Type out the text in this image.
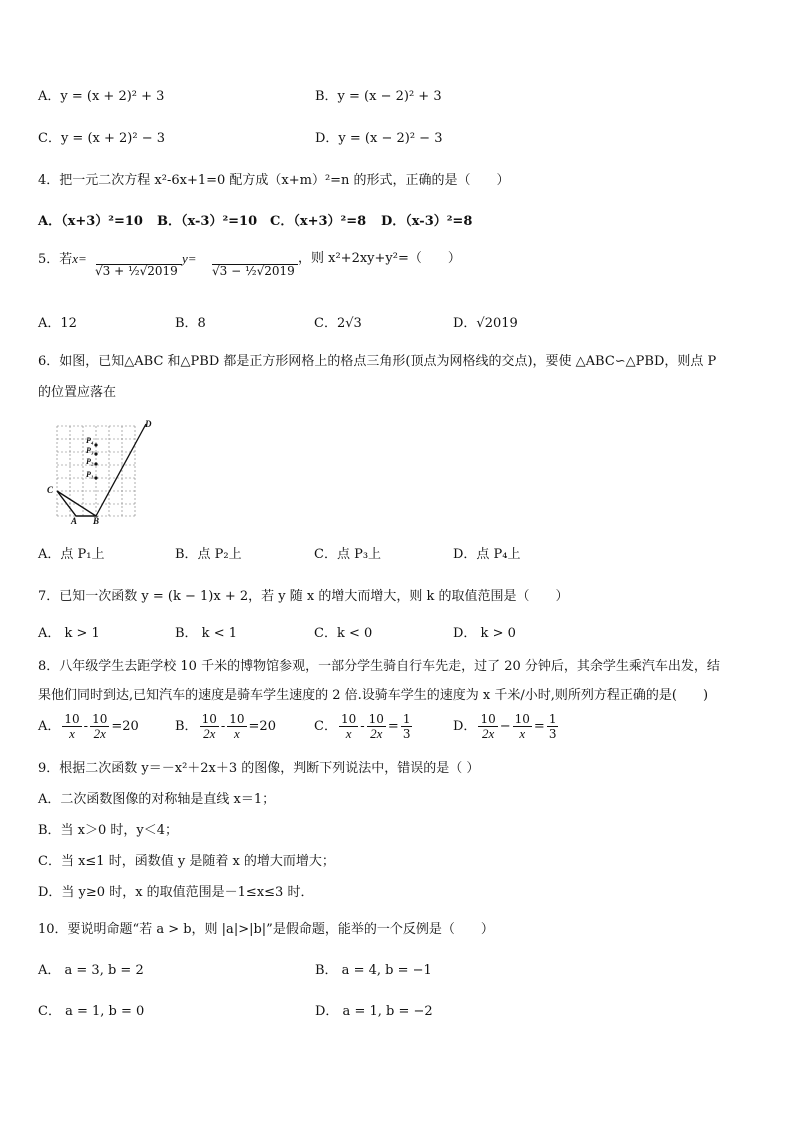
A．y = (x + 2)² + 3	B．y = (x − 2)² + 3
C．y = (x + 2)² − 3	D．y = (x − 2)² − 3
4．把一元二次方程 x²-6x+1=0 配方成（x+m）²=n 的形式，正确的是（　　）
A．（x+3）²=10 B．（x-3）²=10 C．（x+3）²=8 D．（x-3）²=8
5．若x=
√3 + ½√2019
y=
√3 − ½√2019
，则 x²+2xy+y²=（　　）
A．12	B．8	C．2√3	D．√2019
6．如图，已知△ABC 和△PBD 都是正方形网格上的格点三角形(顶点为网格线的交点)，要使 △ABC∽△PBD，则点 P
的位置应落在
C
A B
D
P₄
P₃
P₂
P₁
A．点 P₁上	B．点 P₂上	C．点 P₃上	D．点 P₄上
7．已知一次函数 y = (k − 1)x + 2，若 y 随 x 的增大而增大，则 k 的取值范围是（　　）
A． k > 1	B． k < 1	C．k < 0	D． k > 0
8．八年级学生去距学校 10 千米的博物馆参观，一部分学生骑自行车先走，过了 20 分钟后，其余学生乘汽车出发，结
果他们同时到达,已知汽车的速度是骑车学生速度的 2 倍.设骑车学生的速度为 x 千米/小时,则所列方程正确的是(　　)
A． $\frac{10}{x} - \frac{10}{2x} =20$	B． $\frac{10}{2x} - \frac{10}{x} =20$	C． $\frac{10}{x} - \frac{10}{2x} = \frac{1}{3}$	D． $\frac{10}{2x} - \frac{10}{x} = \frac{1}{3}$
9．根据二次函数 y＝－x²＋2x＋3 的图像，判断下列说法中，错误的是（ ）
A．二次函数图像的对称轴是直线 x＝1；
B．当 x＞0 时，y＜4；
C．当 x≤1 时，函数值 y 是随着 x 的增大而增大；
D．当 y≥0 时，x 的取值范围是－1≤x≤3 时．
10．要说明命题“若 a > b，则 |a|>|b|”是假命题，能举的一个反例是（　　）
A． a = 3, b = 2	B． a = 4, b = −1
C． a = 1, b = 0	D． a = 1, b = −2
